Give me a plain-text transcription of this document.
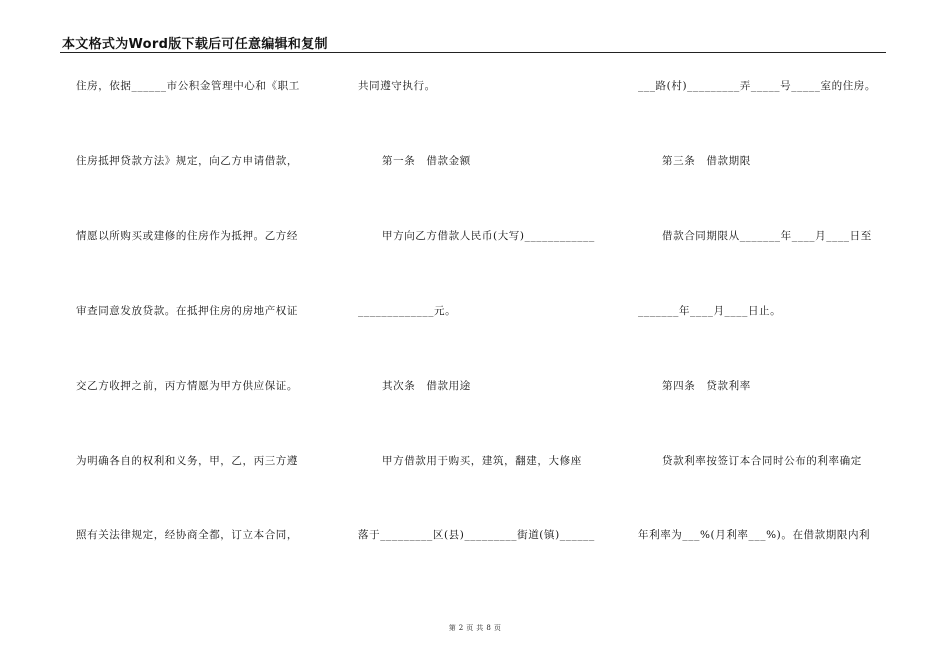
本文格式为Word版下载后可任意编辑和复制
住房，依据______市公积金管理中心和《职工
住房抵押贷款方法》规定，向乙方申请借款，
情愿以所购买或建修的住房作为抵押。乙方经
审查同意发放贷款。在抵押住房的房地产权证
交乙方收押之前，丙方情愿为甲方供应保证。
为明确各自的权利和义务，甲，乙，丙三方遵
照有关法律规定，经协商全都，订立本合同，
共同遵守执行。
第一条　借款金额
甲方向乙方借款人民币(大写)____________
_____________元。
其次条　借款用途
甲方借款用于购买，建筑，翻建，大修座
落于_________区(县)_________街道(镇)______
___路(村)_________弄_____号_____室的住房。
第三条　借款期限
借款合同期限从_______年____月____日至
_______年____月____日止。
第四条　贷款利率
贷款利率按签订本合同时公布的利率确定
年利率为___%(月利率___%)。在借款期限内利
第 2 页 共 8 页
